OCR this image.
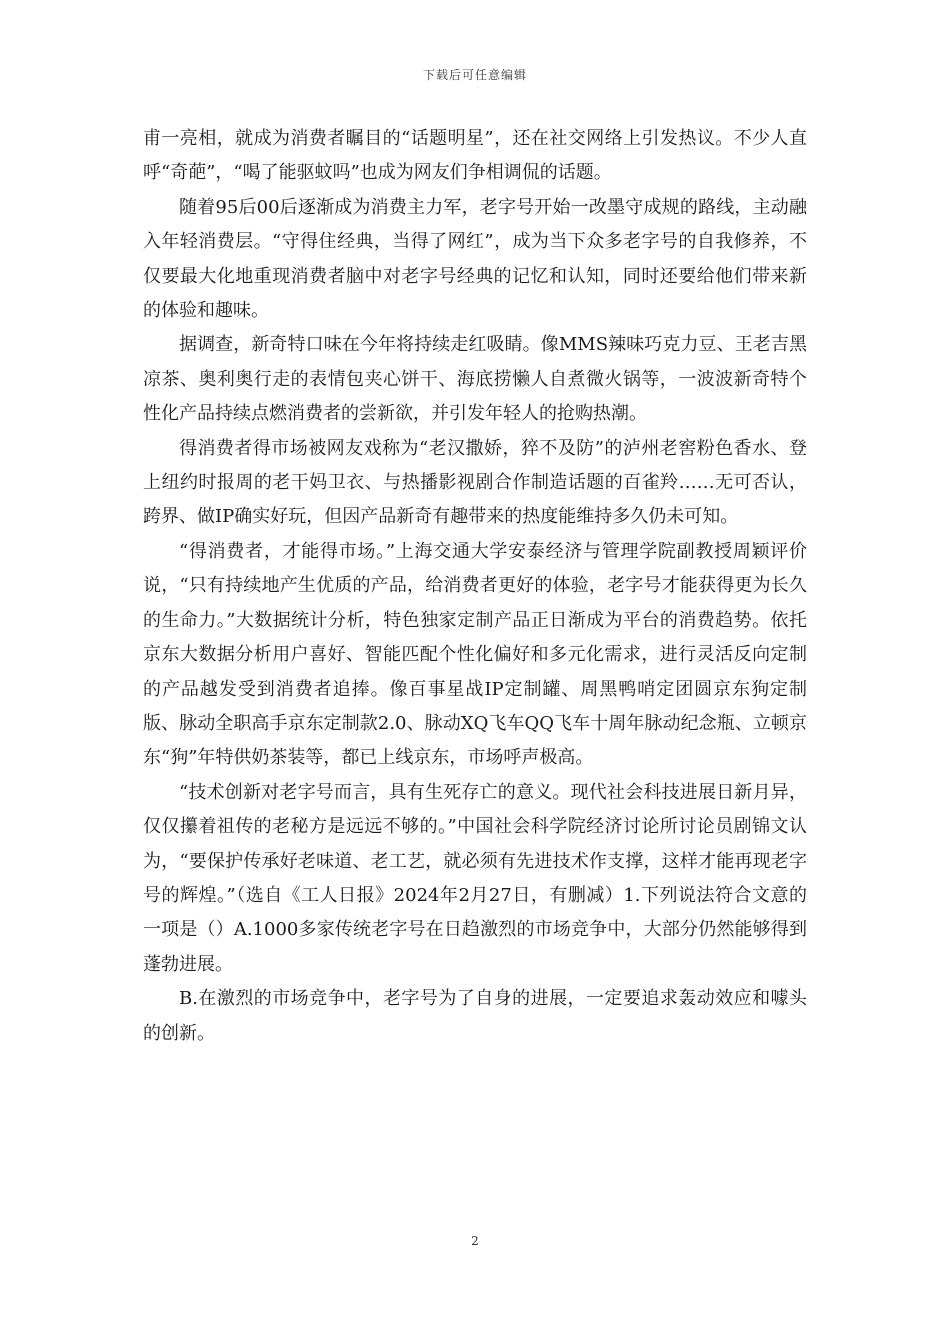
下载后可任意编辑

甫一亮相，就成为消费者瞩目的“话题明星”，还在社交网络上引发热议。不少人直呼“奇葩”，“喝了能驱蚊吗”也成为网友们争相调侃的话题。

随着95后00后逐渐成为消费主力军，老字号开始一改墨守成规的路线，主动融入年轻消费层。“守得住经典，当得了网红”，成为当下众多老字号的自我修养，不仅要最大化地重现消费者脑中对老字号经典的记忆和认知，同时还要给他们带来新的体验和趣味。

据调查，新奇特口味在今年将持续走红吸睛。像MMS辣味巧克力豆、王老吉黑凉茶、奥利奥行走的表情包夹心饼干、海底捞懒人自煮微火锅等，一波波新奇特个性化产品持续点燃消费者的尝新欲，并引发年轻人的抢购热潮。

得消费者得市场被网友戏称为“老汉撒娇，猝不及防”的泸州老窖粉色香水、登上纽约时报周的老干妈卫衣、与热播影视剧合作制造话题的百雀羚……无可否认，跨界、做IP确实好玩，但因产品新奇有趣带来的热度能维持多久仍未可知。

“得消费者，才能得市场。”上海交通大学安泰经济与管理学院副教授周颖评价说，“只有持续地产生优质的产品，给消费者更好的体验，老字号才能获得更为长久的生命力。”大数据统计分析，特色独家定制产品正日渐成为平台的消费趋势。依托京东大数据分析用户喜好、智能匹配个性化偏好和多元化需求，进行灵活反向定制的产品越发受到消费者追捧。像百事星战IP定制罐、周黑鸭哨定团圆京东狗定制版、脉动全职高手京东定制款2.0、脉动XQ飞车QQ飞车十周年脉动纪念瓶、立顿京东“狗”年特供奶茶装等，都已上线京东，市场呼声极高。

“技术创新对老字号而言，具有生死存亡的意义。现代社会科技进展日新月异，仅仅攥着祖传的老秘方是远远不够的。”中国社会科学院经济讨论所讨论员剧锦文认为，“要保护传承好老味道、老工艺，就必须有先进技术作支撑，这样才能再现老字号的辉煌。”（选自《工人日报》2024年2月27日，有删减）1.下列说法符合文意的一项是（）A.1000多家传统老字号在日趋激烈的市场竞争中，大部分仍然能够得到蓬勃进展。

B.在激烈的市场竞争中，老字号为了自身的进展，一定要追求轰动效应和噱头的创新。

2
